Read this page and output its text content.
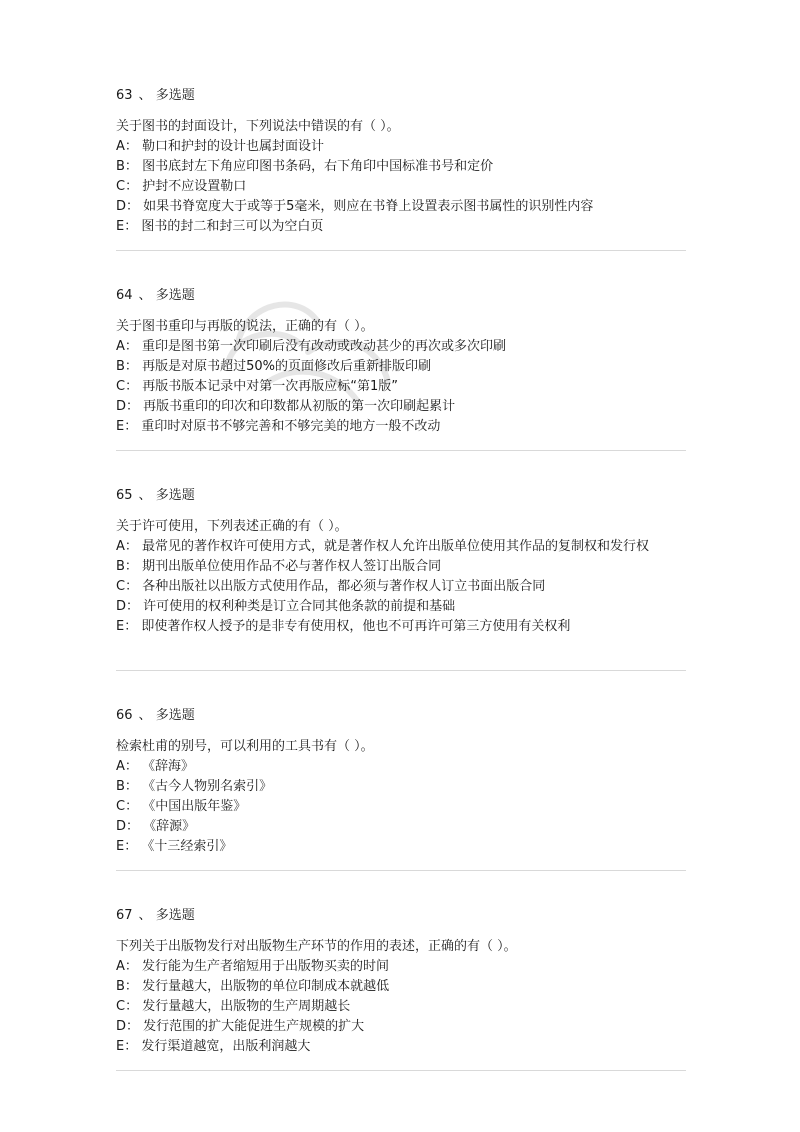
63 、 多选题
关于图书的封面设计，下列说法中错误的有（ ）。
A： 勒口和护封的设计也属封面设计
B： 图书底封左下角应印图书条码，右下角印中国标准书号和定价
C： 护封不应设置勒口
D： 如果书脊宽度大于或等于5毫米，则应在书脊上设置表示图书属性的识别性内容
E： 图书的封二和封三可以为空白页
64 、 多选题
关于图书重印与再版的说法，正确的有（ ）。
A： 重印是图书第一次印刷后没有改动或改动甚少的再次或多次印刷
B： 再版是对原书超过50%的页面修改后重新排版印刷
C： 再版书版本记录中对第一次再版应标“第1版”
D： 再版书重印的印次和印数都从初版的第一次印刷起累计
E： 重印时对原书不够完善和不够完美的地方一般不改动
65 、 多选题
关于许可使用，下列表述正确的有（ ）。
A： 最常见的著作权许可使用方式，就是著作权人允许出版单位使用其作品的复制权和发行权
B： 期刊出版单位使用作品不必与著作权人签订出版合同
C： 各种出版社以出版方式使用作品，都必须与著作权人订立书面出版合同
D： 许可使用的权利种类是订立合同其他条款的前提和基础
E： 即使著作权人授予的是非专有使用权，他也不可再许可第三方使用有关权利
66 、 多选题
检索杜甫的别号，可以利用的工具书有（ ）。
A： 《辞海》
B： 《古今人物别名索引》
C： 《中国出版年鉴》
D： 《辞源》
E： 《十三经索引》
67 、 多选题
下列关于出版物发行对出版物生产环节的作用的表述，正确的有（ ）。
A： 发行能为生产者缩短用于出版物买卖的时间
B： 发行量越大，出版物的单位印制成本就越低
C： 发行量越大，出版物的生产周期越长
D： 发行范围的扩大能促进生产规模的扩大
E： 发行渠道越宽，出版利润越大
